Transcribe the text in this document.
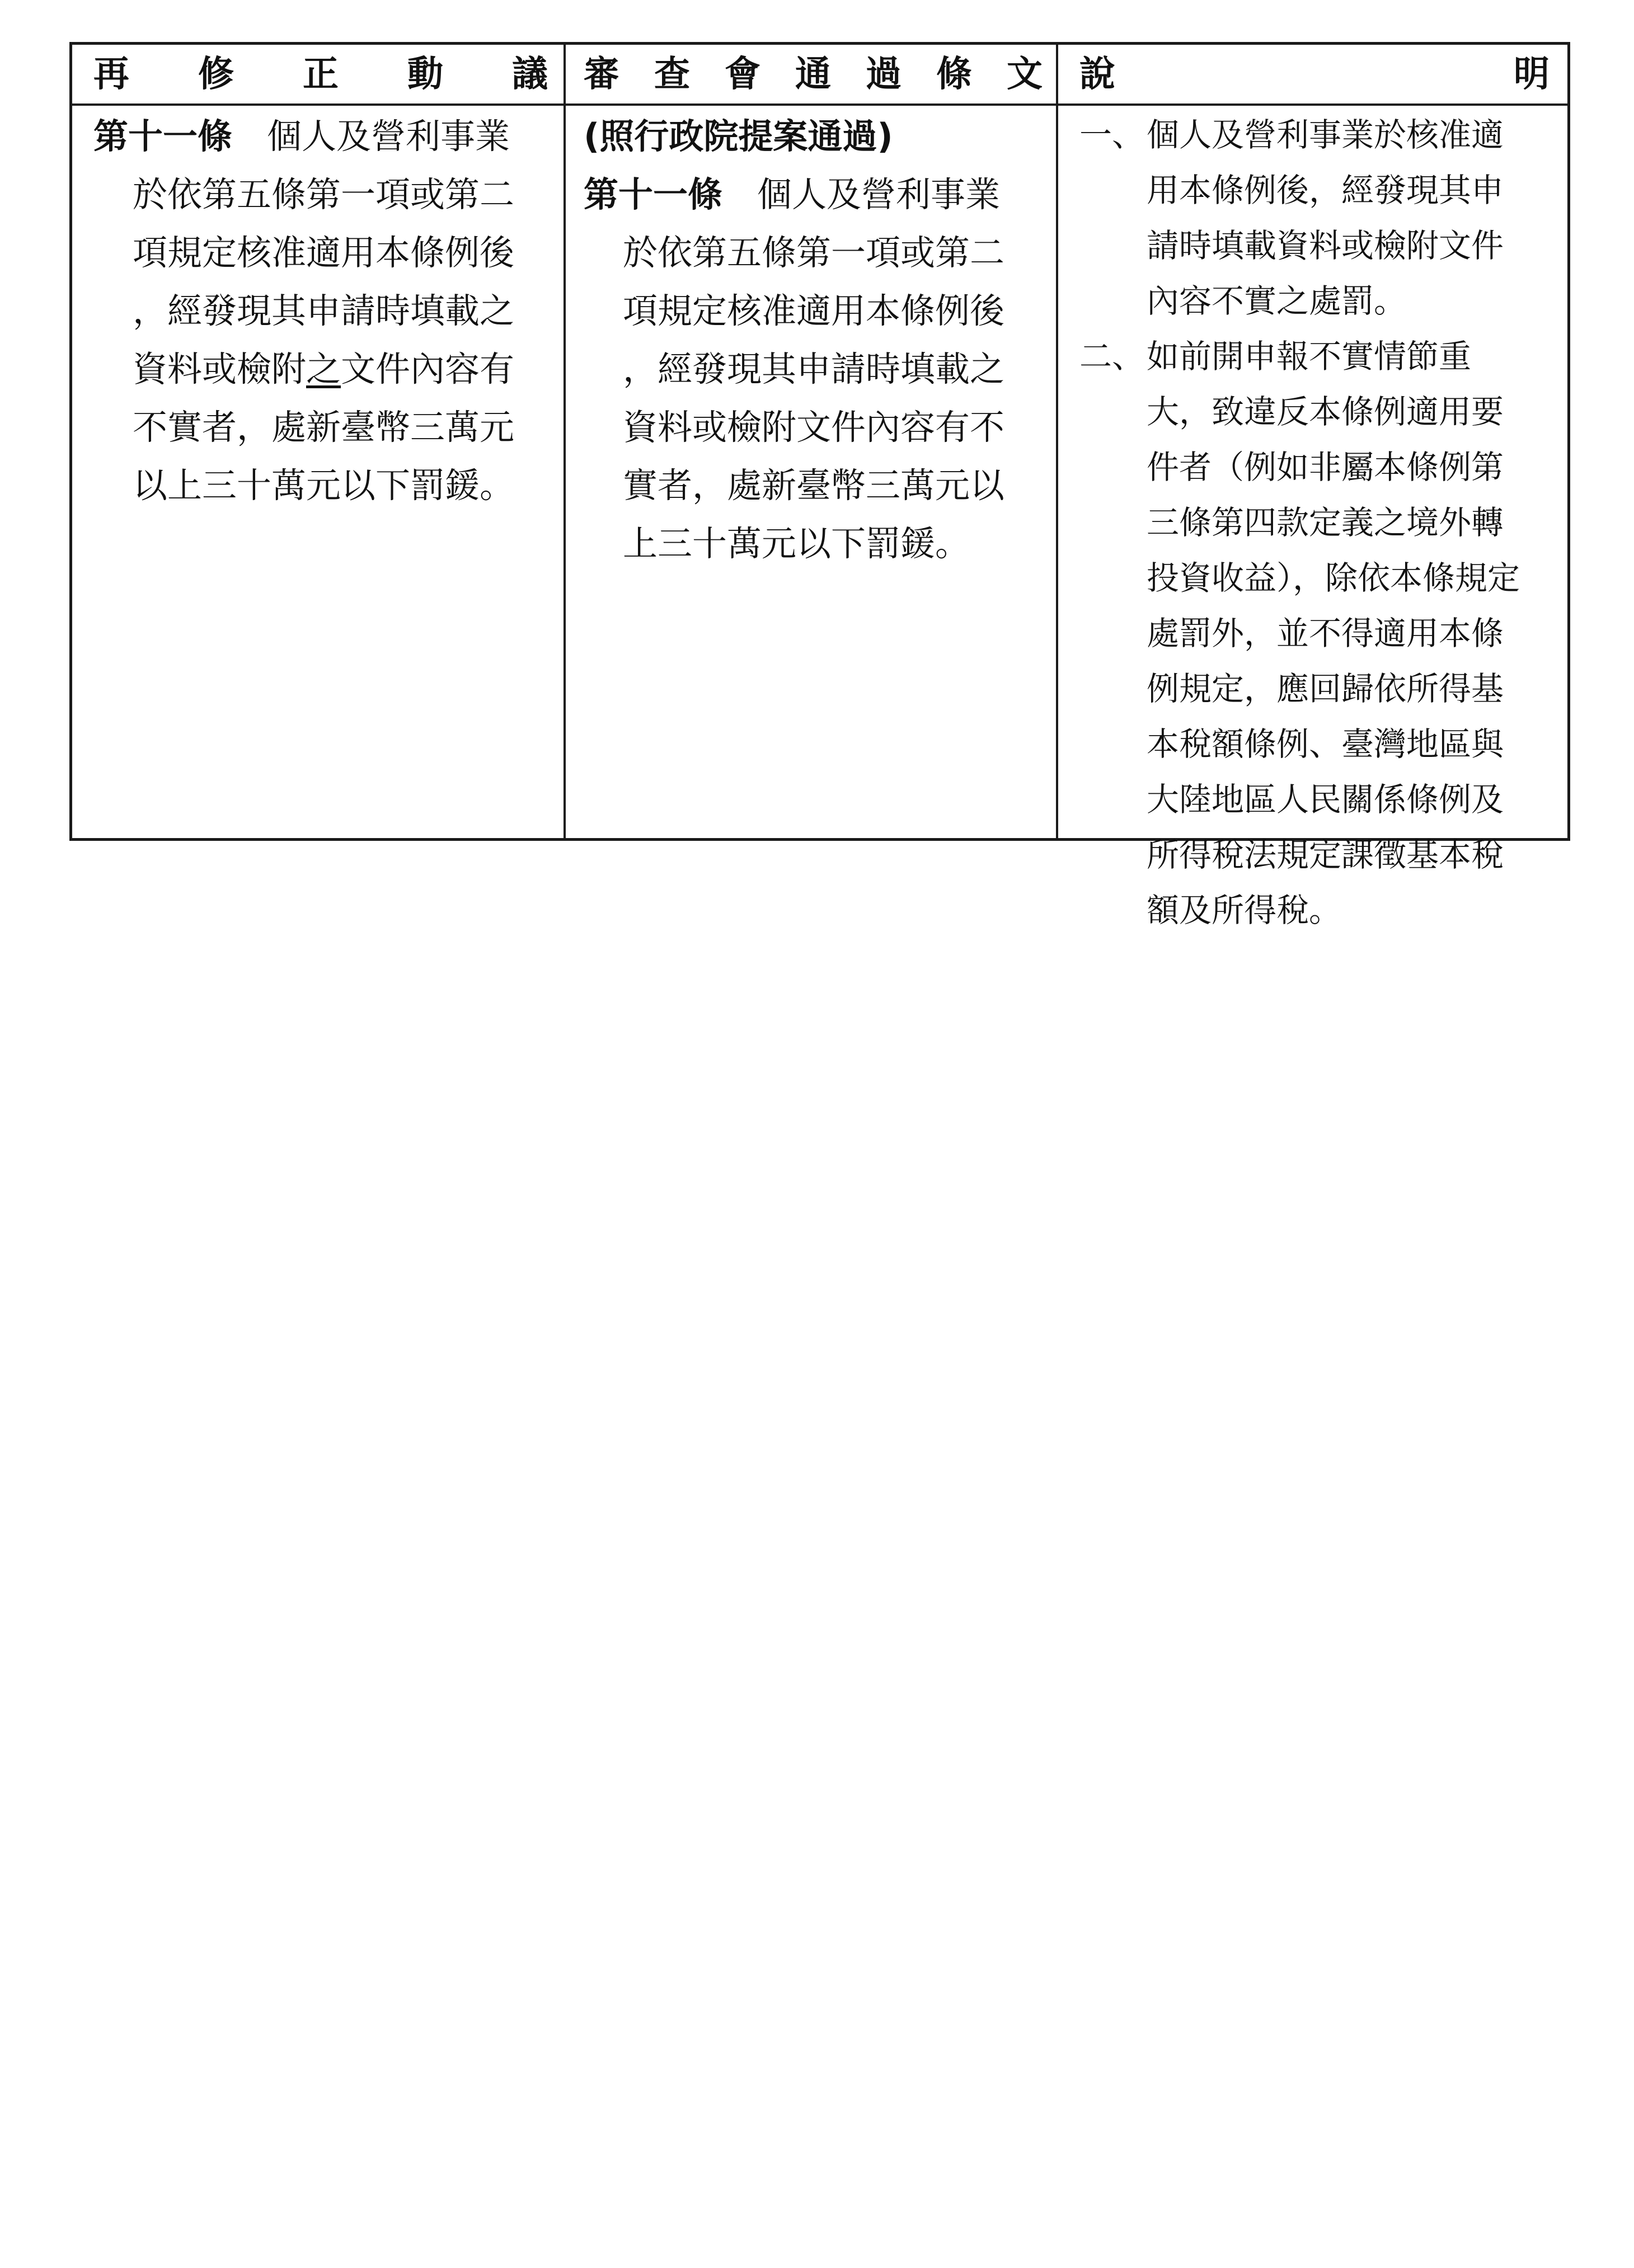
再 修 正 動 議 審 查 會 通 過 條 文 說	明
第十一條 個人及營利事業
於依第五條第一項或第二
項規定核准適用本條例後
，經發現其申請時填載之
資料或檢附之文件內容有
不實者，處新臺幣三萬元
以上三十萬元以下罰鍰。
(照行政院提案通過)
第十一條 個人及營利事業
於依第五條第一項或第二
項規定核准適用本條例後
，經發現其申請時填載之
資料或檢附文件內容有不
實者，處新臺幣三萬元以
上三十萬元以下罰鍰。
一、 個人及營利事業於核准適
用本條例後，經發現其申
請時填載資料或檢附文件
內容不實之處罰。
二、 如前開申報不實情節重
大，致違反本條例適用要
件者（例如非屬本條例第
三條第四款定義之境外轉
投資收益），除依本條規定
處罰外，並不得適用本條
例規定，應回歸依所得基
本稅額條例、臺灣地區與
大陸地區人民關係條例及
所得稅法規定課徵基本稅
額及所得稅。
